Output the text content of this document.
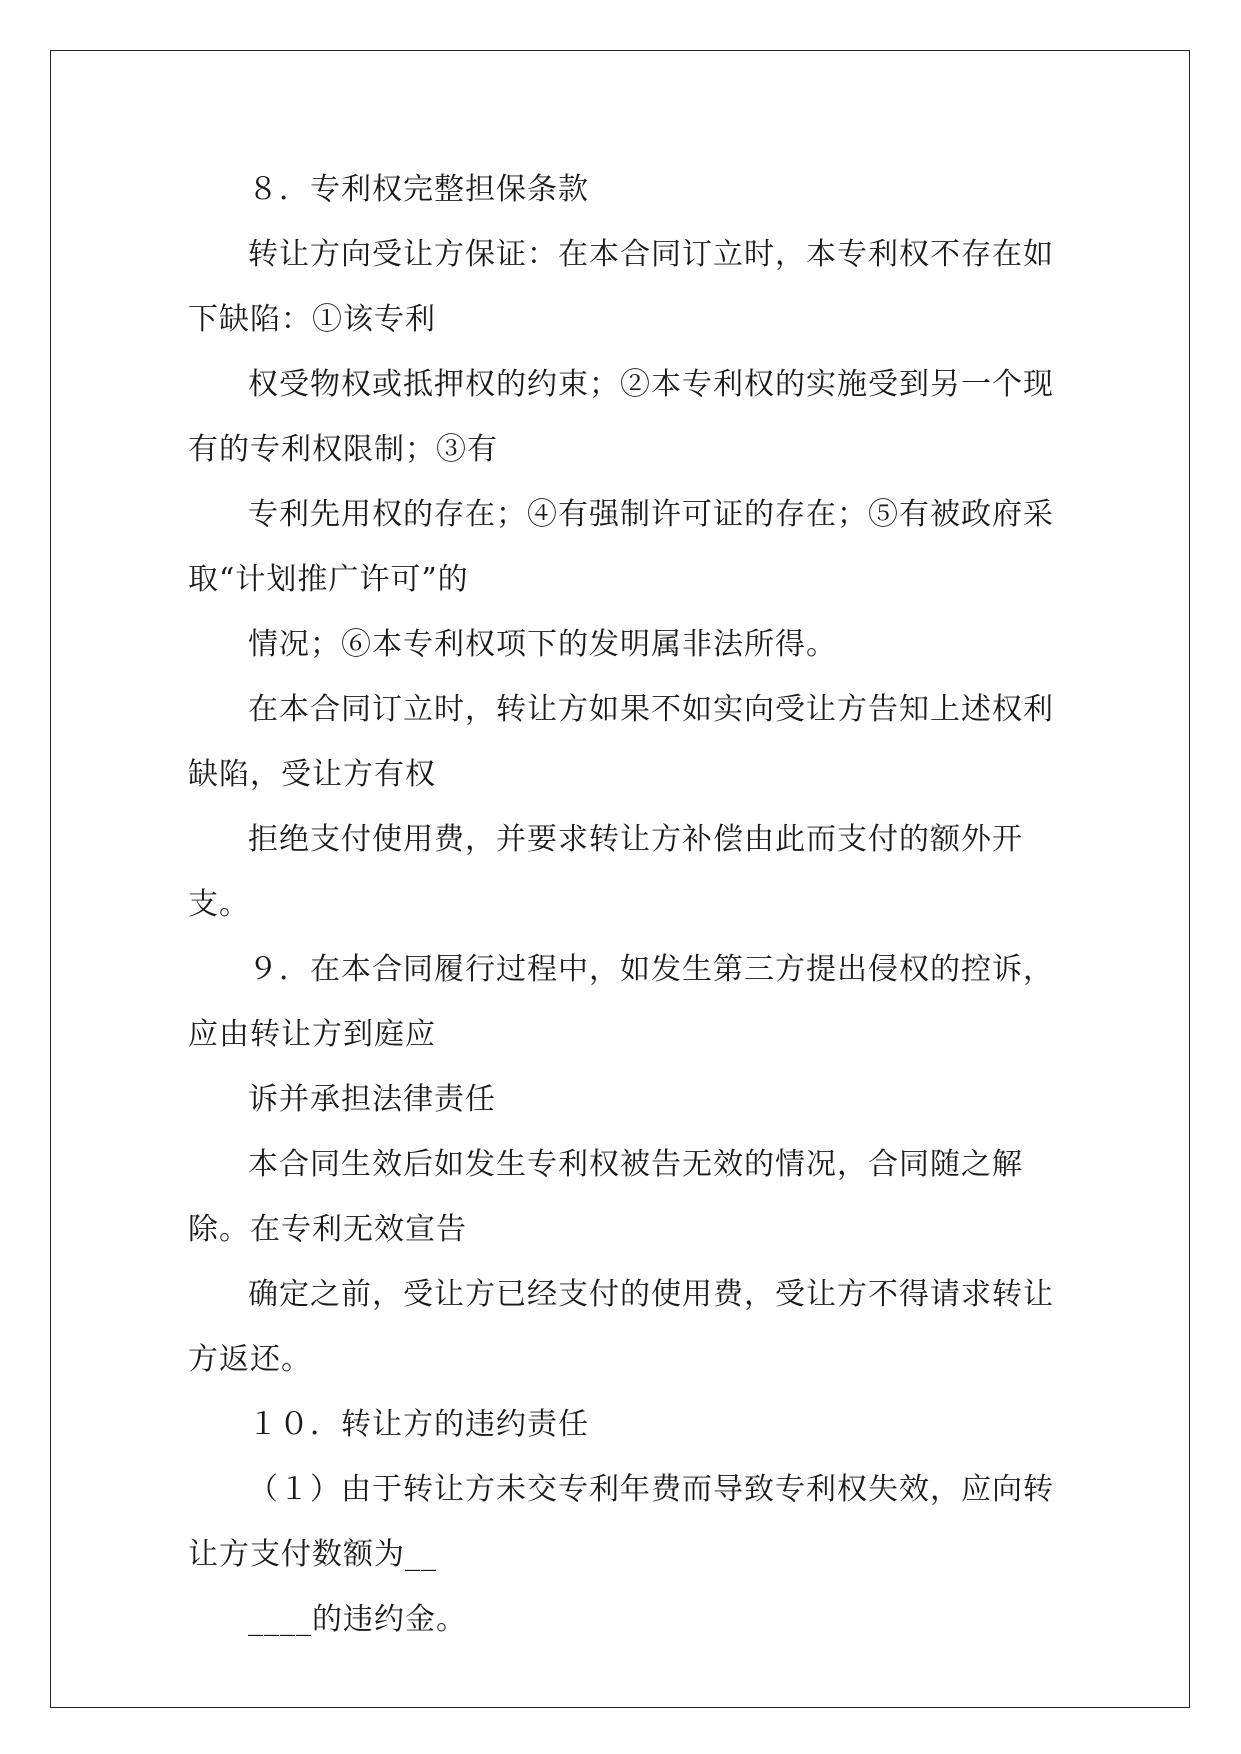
８．专利权完整担保条款

转让方向受让方保证：在本合同订立时，本专利权不存在如下缺陷：①该专利

权受物权或抵押权的约束；②本专利权的实施受到另一个现有的专利权限制；③有

专利先用权的存在；④有强制许可证的存在；⑤有被政府采取“计划推广许可”的

情况；⑥本专利权项下的发明属非法所得。

在本合同订立时，转让方如果不如实向受让方告知上述权利缺陷，受让方有权

拒绝支付使用费，并要求转让方补偿由此而支付的额外开支。

９．在本合同履行过程中，如发生第三方提出侵权的控诉，应由转让方到庭应

诉并承担法律责任

本合同生效后如发生专利权被告无效的情况，合同随之解除。在专利无效宣告

确定之前，受让方已经支付的使用费，受让方不得请求转让方返还。

１０．转让方的违约责任

（１）由于转让方未交专利年费而导致专利权失效，应向转让方支付数额为__

____的违约金。
